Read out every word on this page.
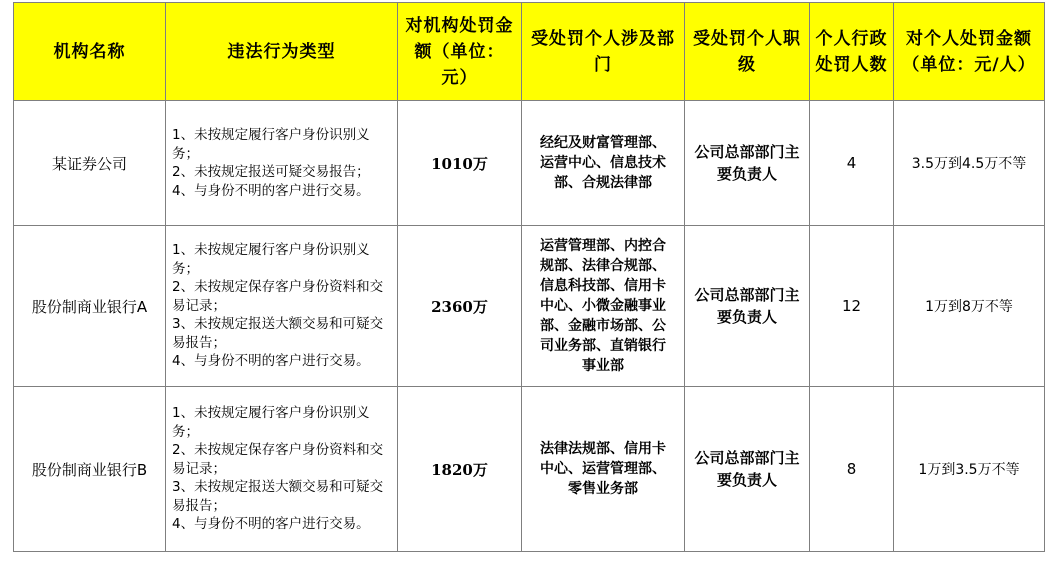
机构名称	违法行为类型	对机构处罚金额（单位：元）	受处罚个人涉及部门	受处罚个人职级	个人行政处罚人数	对个人处罚金额（单位：元/人）
某证券公司	1、未按规定履行客户身份识别义务；
2、未按规定报送可疑交易报告；
4、与身份不明的客户进行交易。	1010万	经纪及财富管理部、运营中心、信息技术部、合规法律部	公司总部部门主要负责人	4	3.5万到4.5万不等
股份制商业银行A	1、未按规定履行客户身份识别义务；
2、未按规定保存客户身份资料和交易记录；
3、未按规定报送大额交易和可疑交易报告；
4、与身份不明的客户进行交易。	2360万	运营管理部、内控合规部、法律合规部、信息科技部、信用卡中心、小微金融事业部、金融市场部、公司业务部、直销银行事业部	公司总部部门主要负责人	12	1万到8万不等
股份制商业银行B	1、未按规定履行客户身份识别义务；
2、未按规定保存客户身份资料和交易记录；
3、未按规定报送大额交易和可疑交易报告；
4、与身份不明的客户进行交易。	1820万	法律法规部、信用卡中心、运营管理部、零售业务部	公司总部部门主要负责人	8	1万到3.5万不等
